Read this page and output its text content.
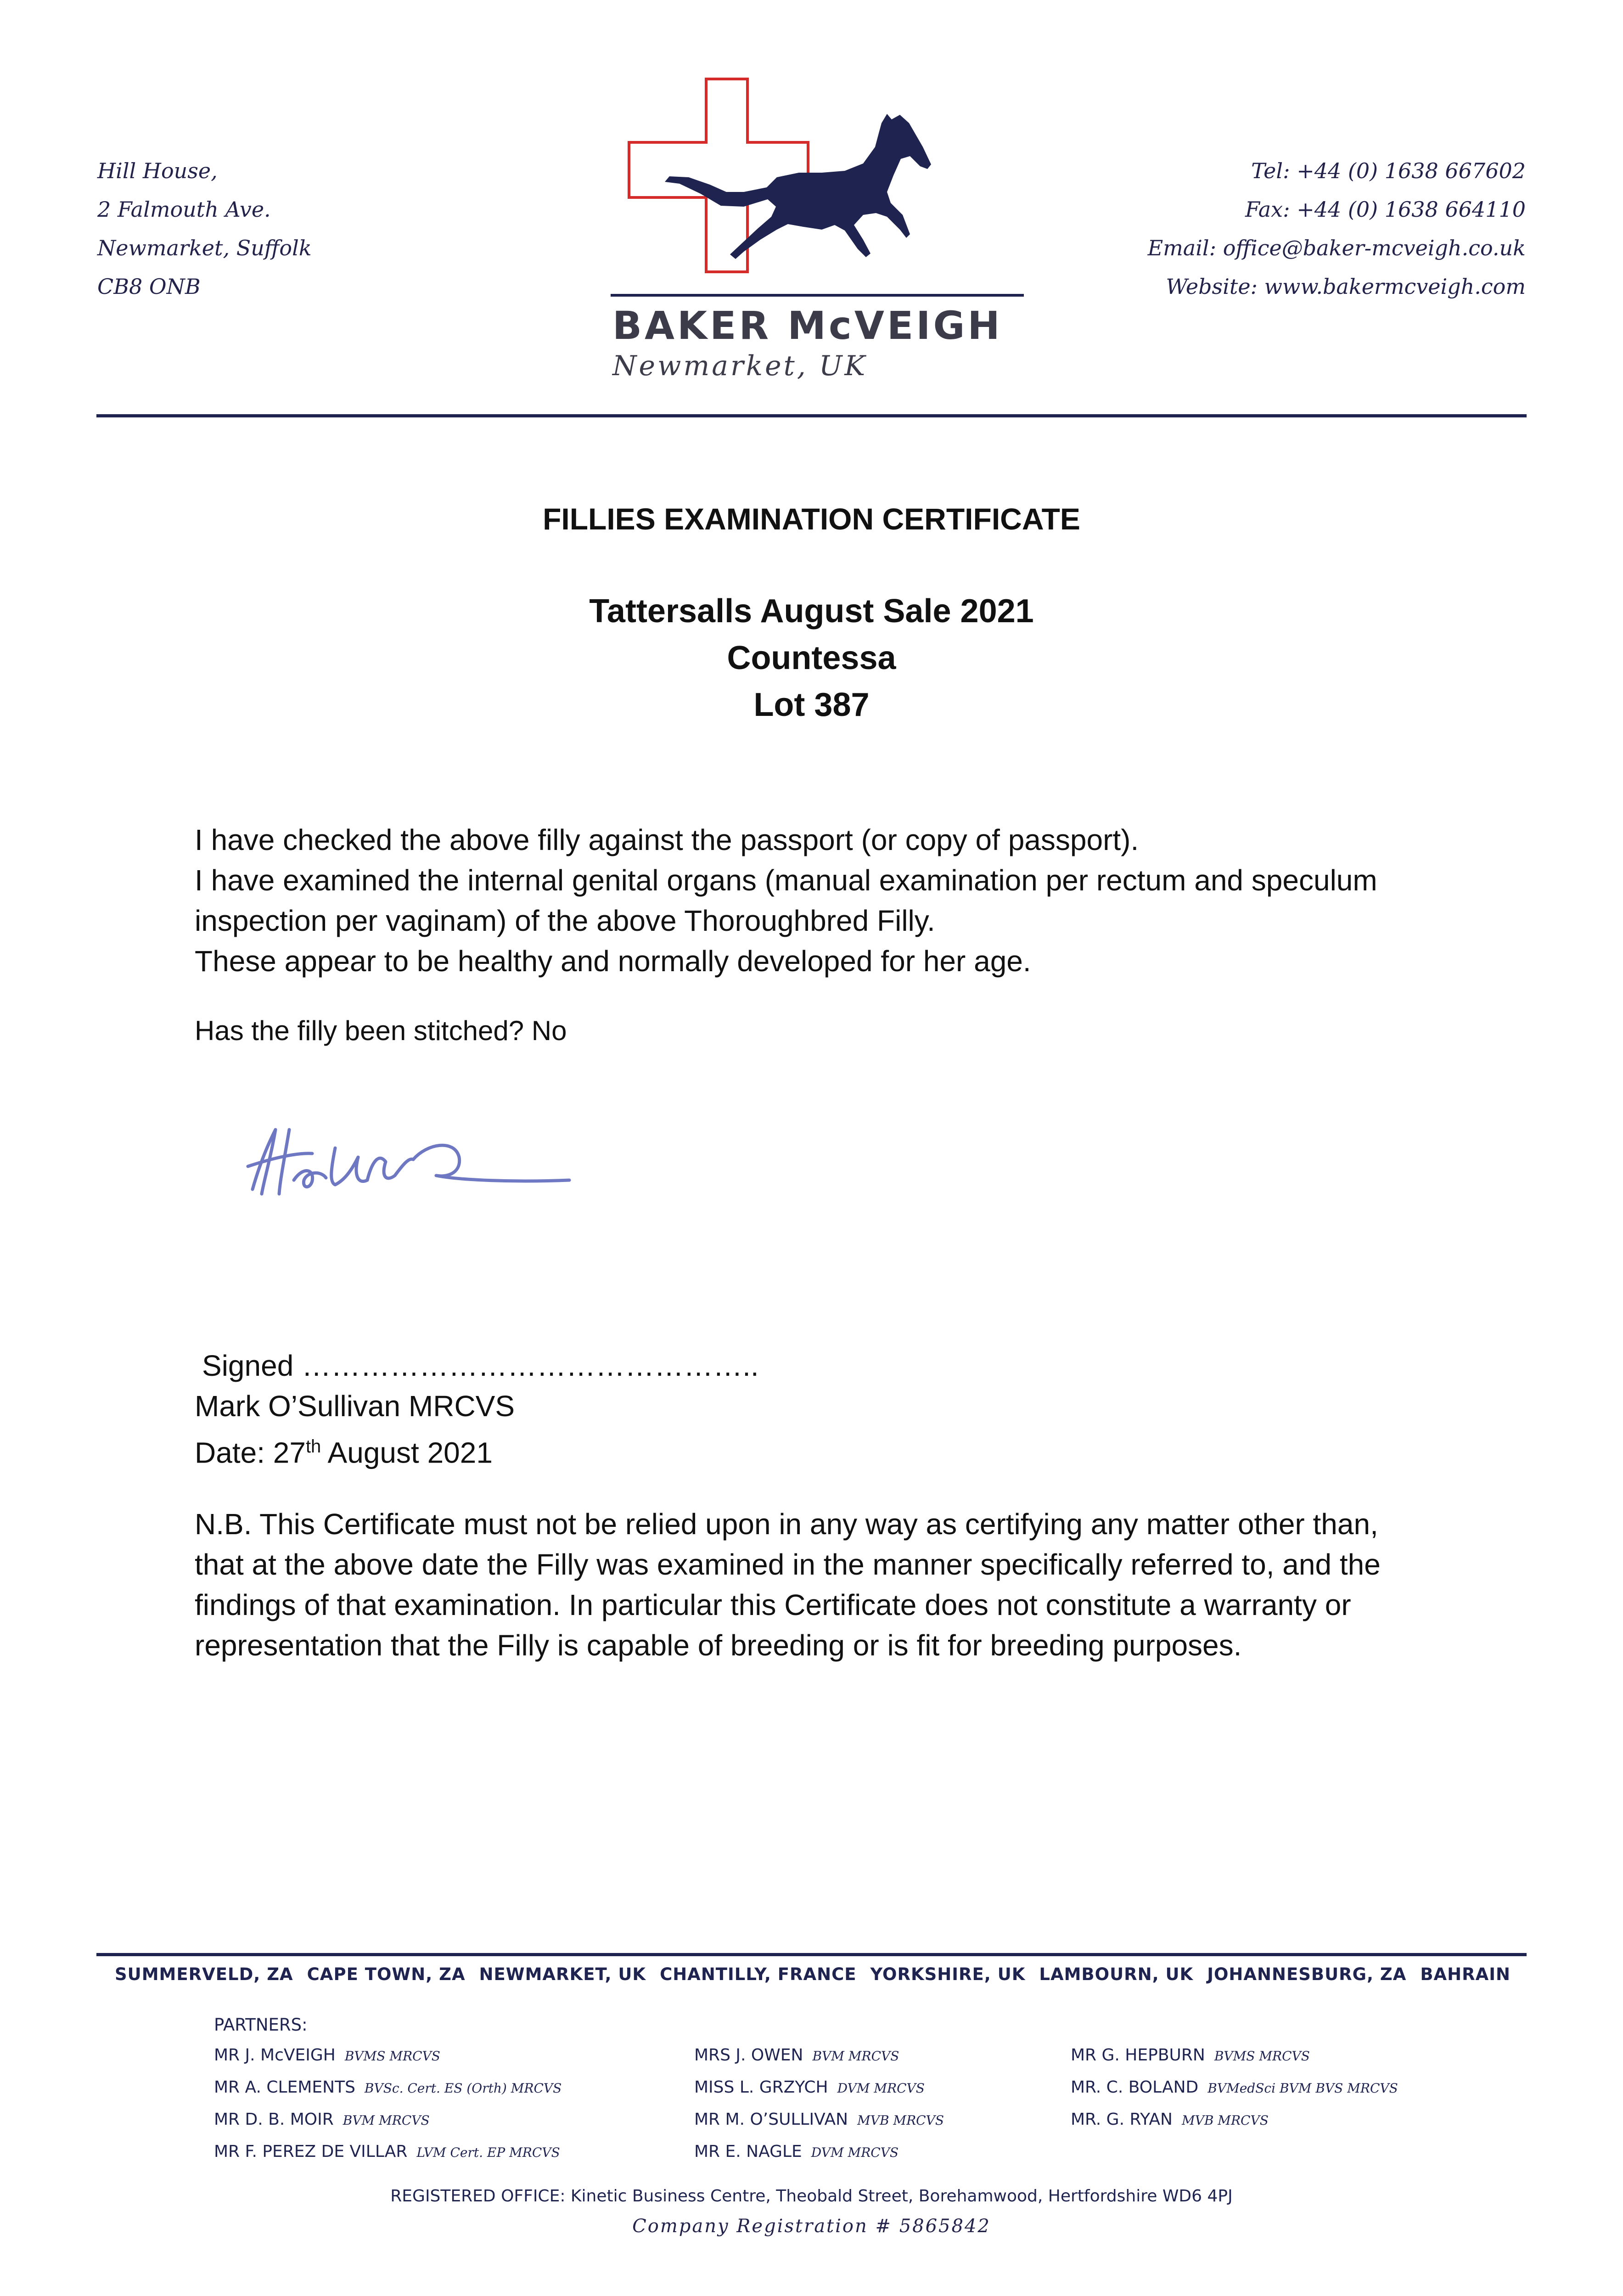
Hill House,
2 Falmouth Ave.
Newmarket, Suffolk
CB8 ONB
Tel: +44 (0) 1638 667602
Fax: +44 (0) 1638 664110
Email: office@baker-mcveigh.co.uk
Website: www.bakermcveigh.com
BAKER McVEIGH
Newmarket, UK
FILLIES EXAMINATION CERTIFICATE
Tattersalls August Sale 2021
Countessa
Lot 387
I have checked the above filly against the passport (or copy of passport).
I have examined the internal genital organs (manual examination per rectum and speculum
inspection per vaginam) of the above Thoroughbred Filly.
These appear to be healthy and normally developed for her age.
Has the filly been stitched? No
Signed ………………………………………..
Mark O’Sullivan MRCVS
Date: 27th August 2021
N.B. This Certificate must not be relied upon in any way as certifying any matter other than,
that at the above date the Filly was examined in the manner specifically referred to, and the
findings of that examination. In particular this Certificate does not constitute a warranty or
representation that the Filly is capable of breeding or is fit for breeding purposes.
SUMMERVELD, ZA CAPE TOWN, ZA NEWMARKET, UK CHANTILLY, FRANCE YORKSHIRE, UK LAMBOURN, UK JOHANNESBURG, ZA BAHRAIN
PARTNERS:
MR J. McVEIGH BVMS MRCVS
MR A. CLEMENTS BVSc. Cert. ES (Orth) MRCVS
MR D. B. MOIR BVM MRCVS
MR F. PEREZ DE VILLAR LVM Cert. EP MRCVS
MRS J. OWEN BVM MRCVS
MISS L. GRZYCH DVM MRCVS
MR M. O’SULLIVAN MVB MRCVS
MR E. NAGLE DVM MRCVS
MR G. HEPBURN BVMS MRCVS
MR. C. BOLAND BVMedSci BVM BVS MRCVS
MR. G. RYAN MVB MRCVS
REGISTERED OFFICE: Kinetic Business Centre, Theobald Street, Borehamwood, Hertfordshire WD6 4PJ
Company Registration # 5865842
